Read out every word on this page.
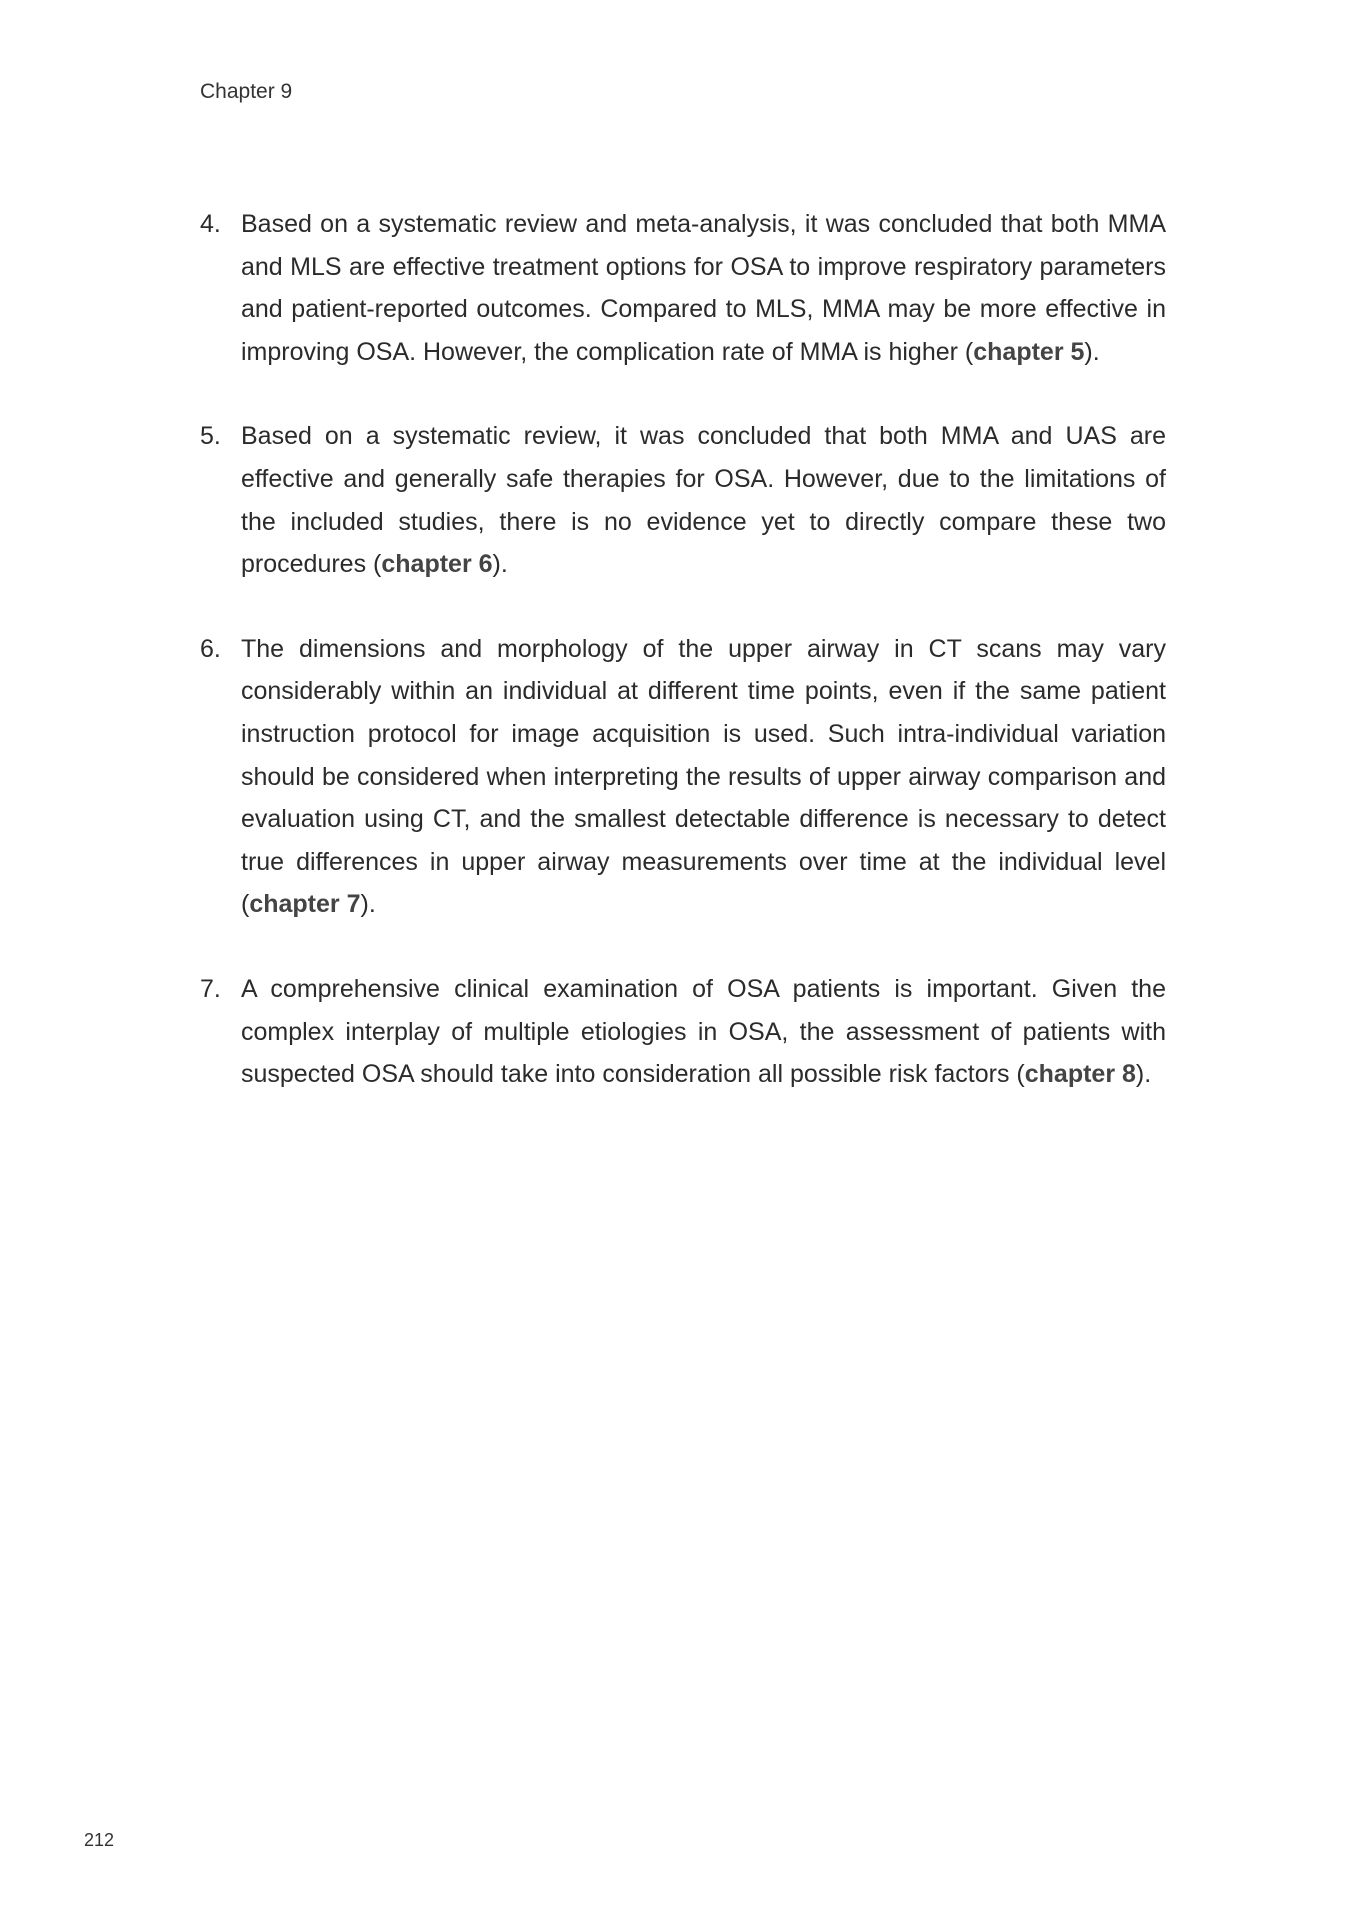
Chapter 9
4. Based on a systematic review and meta-analysis, it was concluded that both MMA and MLS are effective treatment options for OSA to improve respiratory parameters and patient-reported outcomes. Compared to MLS, MMA may be more effective in improving OSA. However, the complication rate of MMA is higher (chapter 5).
5. Based on a systematic review, it was concluded that both MMA and UAS are effective and generally safe therapies for OSA. However, due to the limitations of the included studies, there is no evidence yet to directly compare these two procedures (chapter 6).
6. The dimensions and morphology of the upper airway in CT scans may vary considerably within an individual at different time points, even if the same patient instruction protocol for image acquisition is used. Such intra-individual variation should be considered when interpreting the results of upper airway comparison and evaluation using CT, and the smallest detectable difference is necessary to detect true differences in upper airway measurements over time at the individual level (chapter 7).
7. A comprehensive clinical examination of OSA patients is important. Given the complex interplay of multiple etiologies in OSA, the assessment of patients with suspected OSA should take into consideration all possible risk factors (chapter 8).
212
